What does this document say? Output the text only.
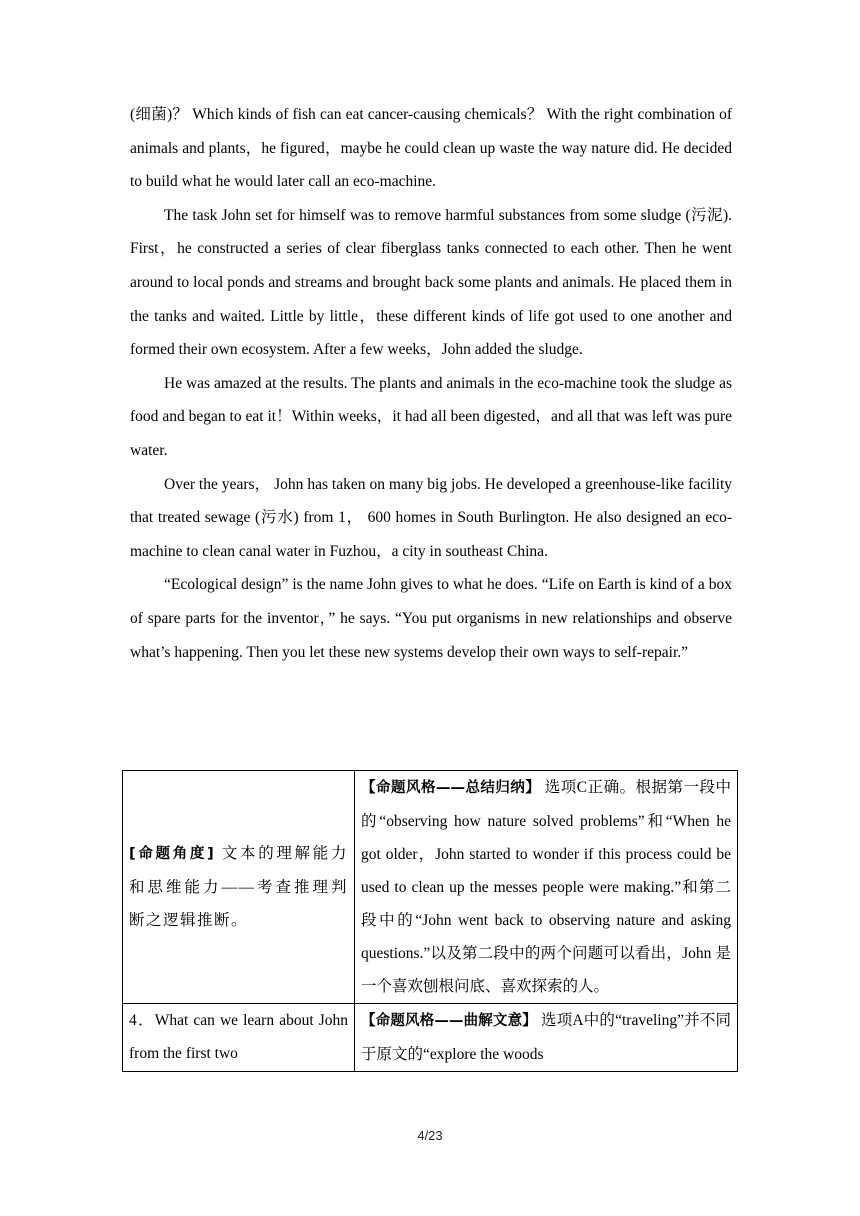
(细菌)？ Which kinds of fish can eat cancer-causing chemicals？ With the right combination of animals and plants，he figured，maybe he could clean up waste the way nature did. He decided to build what he would later call an eco-machine.

The task John set for himself was to remove harmful substances from some sludge (污泥). First，he constructed a series of clear fiberglass tanks connected to each other. Then he went around to local ponds and streams and brought back some plants and animals. He placed them in the tanks and waited. Little by little，these different kinds of life got used to one another and formed their own ecosystem. After a few weeks，John added the sludge.

He was amazed at the results. The plants and animals in the eco-machine took the sludge as food and began to eat it！Within weeks，it had all been digested，and all that was left was pure water.

Over the years， John has taken on many big jobs. He developed a greenhouse-like facility that treated sewage (污水) from 1， 600 homes in South Burlington. He also designed an eco-machine to clean canal water in Fuzhou，a city in southeast China.

“Ecological design” is the name John gives to what he does. “Life on Earth is kind of a box of spare parts for the inventor，” he says. “You put organisms in new relationships and observe what’s happening. Then you let these new systems develop their own ways to self-repair.”

[命题角度] 文本的理解能力和思维能力——考查推理判断之逻辑推断。	【命题风格——总结归纳】 选项C正确。根据第一段中的“observing how nature solved problems”和“When he got older，John started to wonder if this process could be used to clean up the messes people were making.”和第二段中的“John went back to observing nature and asking questions.”以及第二段中的两个问题可以看出，John 是一个喜欢刨根问底、喜欢探索的人。
4．What can we learn about John from the first two	【命题风格——曲解文意】 选项A中的“traveling”并不同于原文的“explore the woods
4/23
